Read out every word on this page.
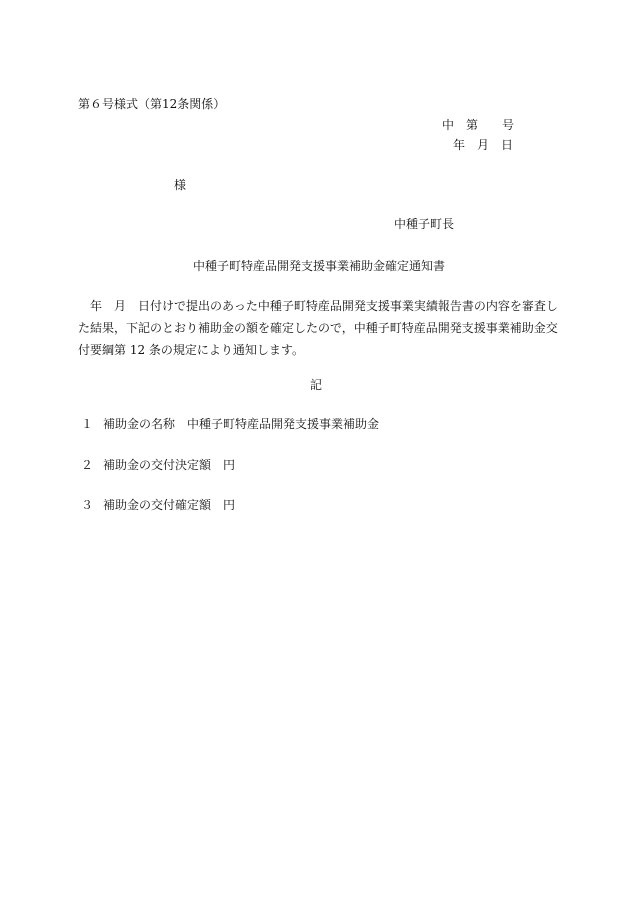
第６号様式（第12条関係）
中　第　　号
年　月　日
様
中種子町長
中種子町特産品開発支援事業補助金確定通知書
　年　月　日付けで提出のあった中種子町特産品開発支援事業実績報告書の内容を審査し
た結果，下記のとおり補助金の額を確定したので，中種子町特産品開発支援事業補助金交
付要綱第 12 条の規定により通知します。
記
１ 補助金の名称　中種子町特産品開発支援事業補助金
２ 補助金の交付決定額　円
３ 補助金の交付確定額　円
